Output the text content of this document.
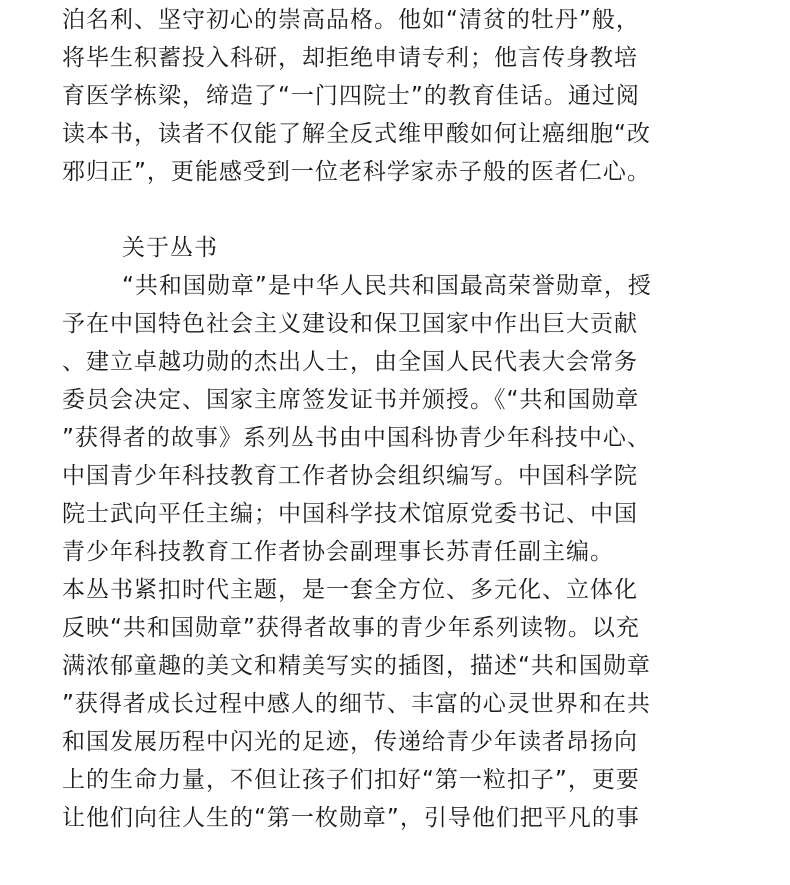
泊名利、坚守初心的崇高品格。他如“清贫的牡丹”般，
将毕生积蓄投入科研，却拒绝申请专利；他言传身教培
育医学栋梁，缔造了“一门四院士”的教育佳话。通过阅
读本书，读者不仅能了解全反式维甲酸如何让癌细胞“改
邪归正”，更能感受到一位老科学家赤子般的医者仁心。
关于丛书
“共和国勋章”是中华人民共和国最高荣誉勋章，授
予在中国特色社会主义建设和保卫国家中作出巨大贡献
、建立卓越功勋的杰出人士，由全国人民代表大会常务
委员会决定、国家主席签发证书并颁授。《“共和国勋章
”获得者的故事》系列丛书由中国科协青少年科技中心、
中国青少年科技教育工作者协会组织编写。中国科学院
院士武向平任主编；中国科学技术馆原党委书记、中国
青少年科技教育工作者协会副理事长苏青任副主编。
本丛书紧扣时代主题，是一套全方位、多元化、立体化
反映“共和国勋章”获得者故事的青少年系列读物。以充
满浓郁童趣的美文和精美写实的插图，描述“共和国勋章
”获得者成长过程中感人的细节、丰富的心灵世界和在共
和国发展历程中闪光的足迹，传递给青少年读者昂扬向
上的生命力量，不但让孩子们扣好“第一粒扣子”，更要
让他们向往人生的“第一枚勋章”，引导他们把平凡的事
